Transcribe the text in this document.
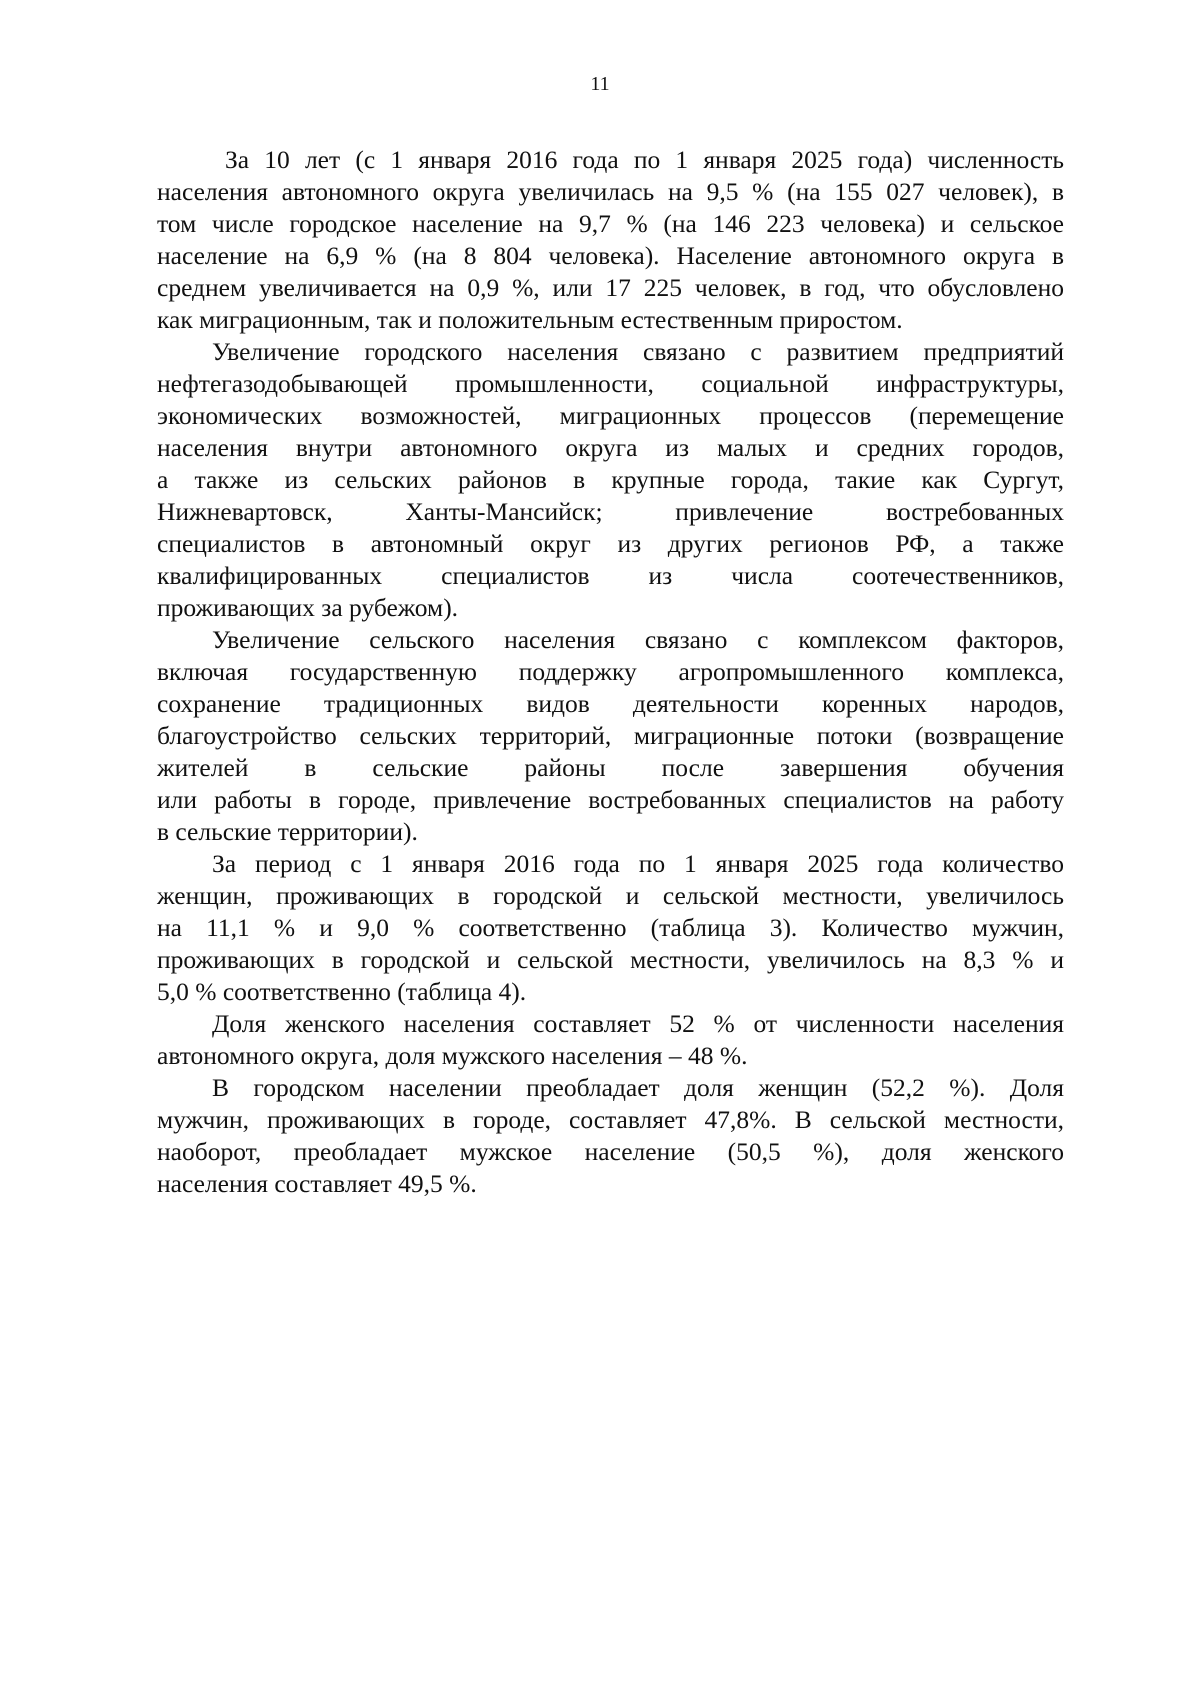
11

За 10 лет (с 1 января 2016 года по 1 января 2025 года) численность
населения автономного округа увеличилась на 9,5 % (на 155 027 человек), в
том числе городское население на 9,7 % (на 146 223 человека) и сельское
население на 6,9 % (на 8 804 человека). Население автономного округа в
среднем увеличивается на 0,9 %, или 17 225 человек, в год, что обусловлено
как миграционным, так и положительным естественным приростом.

Увеличение городского населения связано с развитием предприятий
нефтегазодобывающей промышленности, социальной инфраструктуры,
экономических возможностей, миграционных процессов (перемещение
населения внутри автономного округа из малых и средних городов,
а также из сельских районов в крупные города, такие как Сургут,
Нижневартовск, Ханты-Мансийск; привлечение востребованных
специалистов в автономный округ из других регионов РФ, а также
квалифицированных специалистов из числа соотечественников,
проживающих за рубежом).

Увеличение сельского населения связано с комплексом факторов,
включая государственную поддержку агропромышленного комплекса,
сохранение традиционных видов деятельности коренных народов,
благоустройство сельских территорий, миграционные потоки (возвращение
жителей в сельские районы после завершения обучения
или работы в городе, привлечение востребованных специалистов на работу
в сельские территории).

За период с 1 января 2016 года по 1 января 2025 года количество
женщин, проживающих в городской и сельской местности, увеличилось
на 11,1 % и 9,0 % соответственно (таблица 3). Количество мужчин,
проживающих в городской и сельской местности, увеличилось на 8,3 % и
5,0 % соответственно (таблица 4).

Доля женского населения составляет 52 % от численности населения
автономного округа, доля мужского населения – 48 %.

В городском населении преобладает доля женщин (52,2 %). Доля
мужчин, проживающих в городе, составляет 47,8%. В сельской местности,
наоборот, преобладает мужское население (50,5 %), доля женского
населения составляет 49,5 %.
